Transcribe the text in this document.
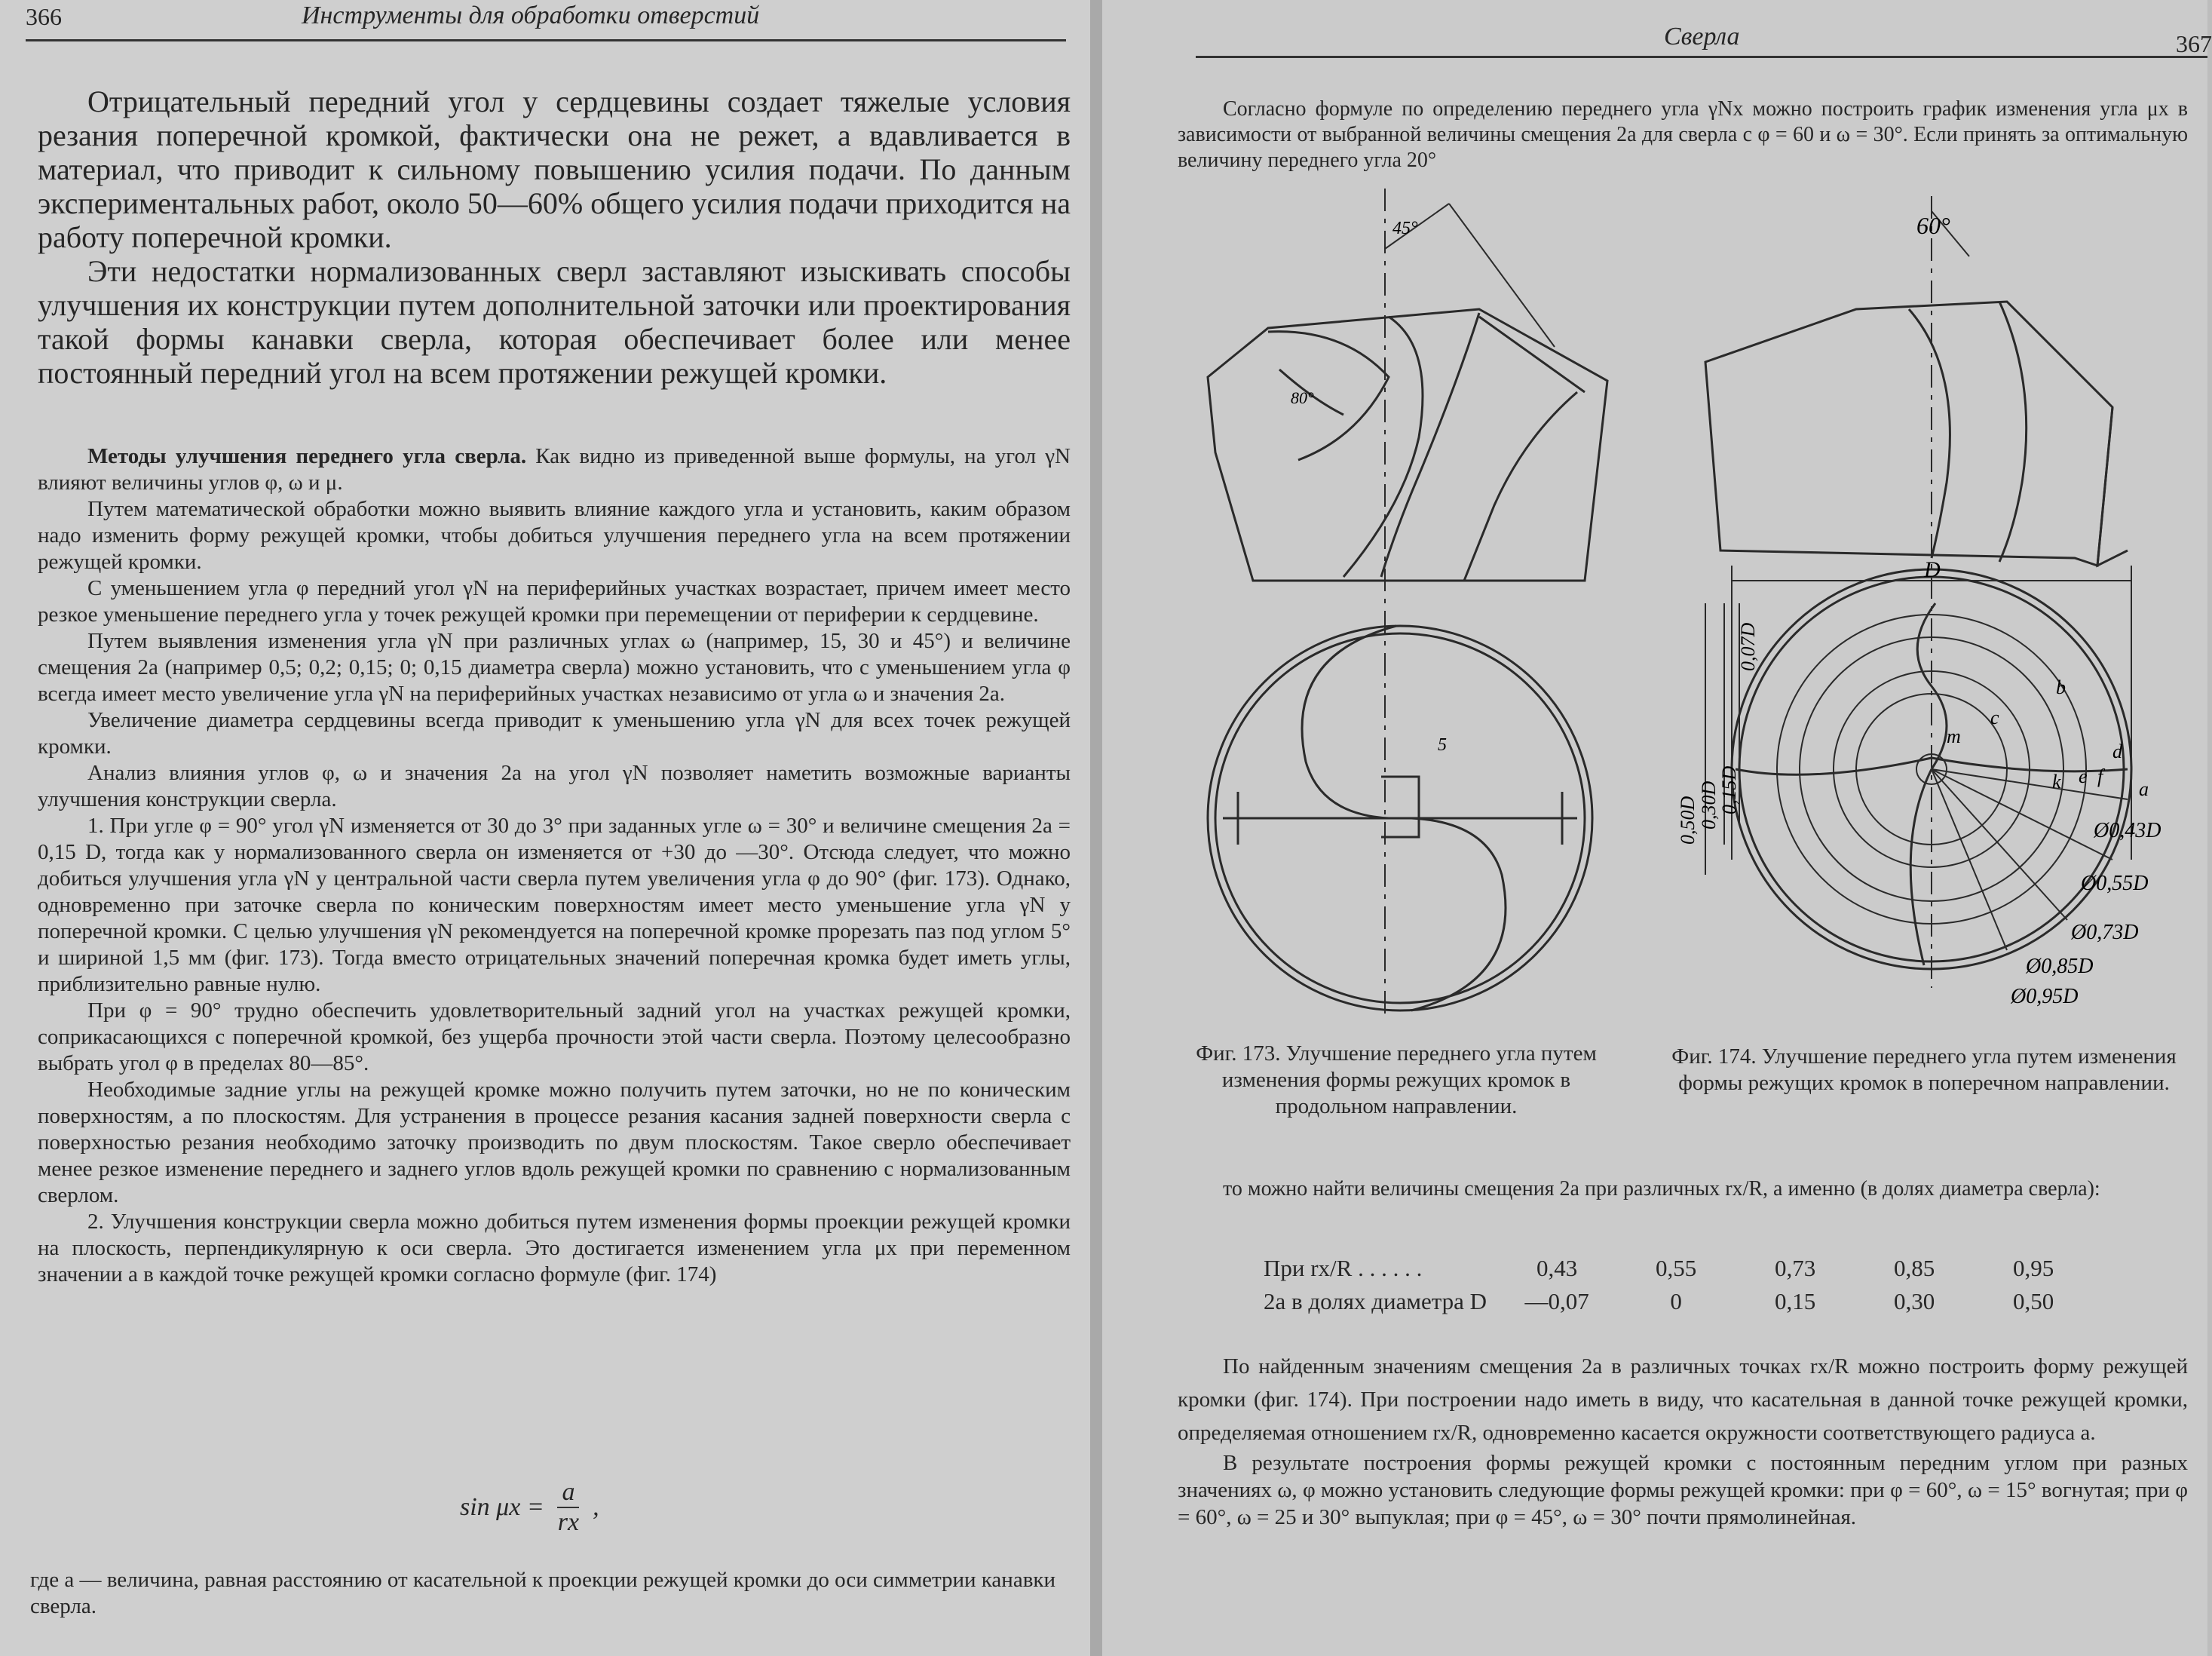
366	Инструменты для обработки отверстий

Отрицательный передний угол у сердцевины создает тяжелые условия резания поперечной кромкой, фактически она не режет, а вдавливается в материал, что приводит к сильному повышению усилия подачи. По данным экспериментальных работ, около 50—60% общего усилия подачи приходится на работу поперечной кромки.

Эти недостатки нормализованных сверл заставляют изыскивать способы улучшения их конструкции путем дополнительной заточки или проектирования такой формы канавки сверла, которая обеспечивает более или менее постоянный передний угол на всем протяжении режущей кромки.

Методы улучшения переднего угла сверла. Как видно из приведенной выше формулы, на угол γN влияют величины углов φ, ω и μ.

Путем математической обработки можно выявить влияние каждого угла и установить, каким образом надо изменить форму режущей кромки, чтобы добиться улучшения переднего угла на всем протяжении режущей кромки.

С уменьшением угла φ передний угол γN на периферийных участках возрастает, причем имеет место резкое уменьшение переднего угла у точек режущей кромки при перемещении от периферии к сердцевине.

Путем выявления изменения угла γN при различных углах ω (например, 15, 30 и 45°) и величине смещения 2a (например 0,5; 0,2; 0,15; 0; 0,15 диаметра сверла) можно установить, что с уменьшением угла φ всегда имеет место увеличение угла γN на периферийных участках независимо от угла ω и значения 2a.

Увеличение диаметра сердцевины всегда приводит к уменьшению угла γN для всех точек режущей кромки.

Анализ влияния углов φ, ω и значения 2a на угол γN позволяет наметить возможные варианты улучшения конструкции сверла.

1. При угле φ = 90° угол γN изменяется от 30 до 3° при заданных угле ω = 30° и величине смещения 2a = 0,15 D, тогда как у нормализованного сверла он изменяется от +30 до —30°. Отсюда следует, что можно добиться улучшения угла γN у центральной части сверла путем увеличения угла φ до 90° (фиг. 173). Однако, одновременно при заточке сверла по коническим поверхностям имеет место уменьшение угла γN у поперечной кромки. С целью улучшения γN рекомендуется на поперечной кромке прорезать паз под углом 5° и шириной 1,5 мм (фиг. 173). Тогда вместо отрицательных значений поперечная кромка будет иметь углы, приблизительно равные нулю.

При φ = 90° трудно обеспечить удовлетворительный задний угол на участках режущей кромки, соприкасающихся с поперечной кромкой, без ущерба прочности этой части сверла. Поэтому целесообразно выбрать угол φ в пределах 80—85°.

Необходимые задние углы на режущей кромке можно получить путем заточки, но не по коническим поверхностям, а по плоскостям. Для устранения в процессе резания касания задней поверхности сверла с поверхностью резания необходимо заточку производить по двум плоскостям. Такое сверло обеспечивает менее резкое изменение переднего и заднего углов вдоль режущей кромки по сравнению с нормализованным сверлом.

2. Улучшения конструкции сверла можно добиться путем изменения формы проекции режущей кромки на плоскость, перпендикулярную к оси сверла. Это достигается изменением угла μx при переменном значении a в каждой точке режущей кромки согласно формуле (фиг. 174)

$\sin \mu x = \frac{a}{rx}$ ,

где a — величина, равная расстоянию от касательной к проекции режущей кромки до оси симметрии канавки сверла.

Сверла	367

Согласно формуле по определению переднего угла γNx можно построить график изменения угла μx в зависимости от выбранной величины смещения 2a для сверла с φ = 60 и ω = 30°. Если принять за оптимальную величину переднего угла 20°

45°
80°
5
60°
D
0,07D
0,50D 0,30D
0,15D
b
c
m
d
e f
k	a
Ø0,43D
Ø0,55D
Ø0,73D
Ø0,85D
Ø0,95D
Фиг. 173. Улучшение переднего угла путем изменения формы режущих кромок в продольном направлении.
Фиг. 174. Улучшение переднего угла путем изменения формы режущих кромок в поперечном направлении.

то можно найти величины смещения 2a при различных rx/R, а именно (в долях диаметра сверла):

При rx/R . . . . . .	0,43	0,55	0,73	0,85	0,95
2a в долях диаметра D	—0,07	0	0,15	0,30	0,50

По найденным значениям смещения 2a в различных точках rx/R можно построить форму режущей кромки (фиг. 174). При построении надо иметь в виду, что касательная в данной точке режущей кромки, определяемая отношением rx/R, одновременно касается окружности соответствующего радиуса a.

В результате построения формы режущей кромки с постоянным передним углом при разных значениях ω, φ можно установить следующие формы режущей кромки: при φ = 60°, ω = 15° вогнутая; при φ = 60°, ω = 25 и 30° выпуклая; при φ = 45°, ω = 30° почти прямолинейная.
